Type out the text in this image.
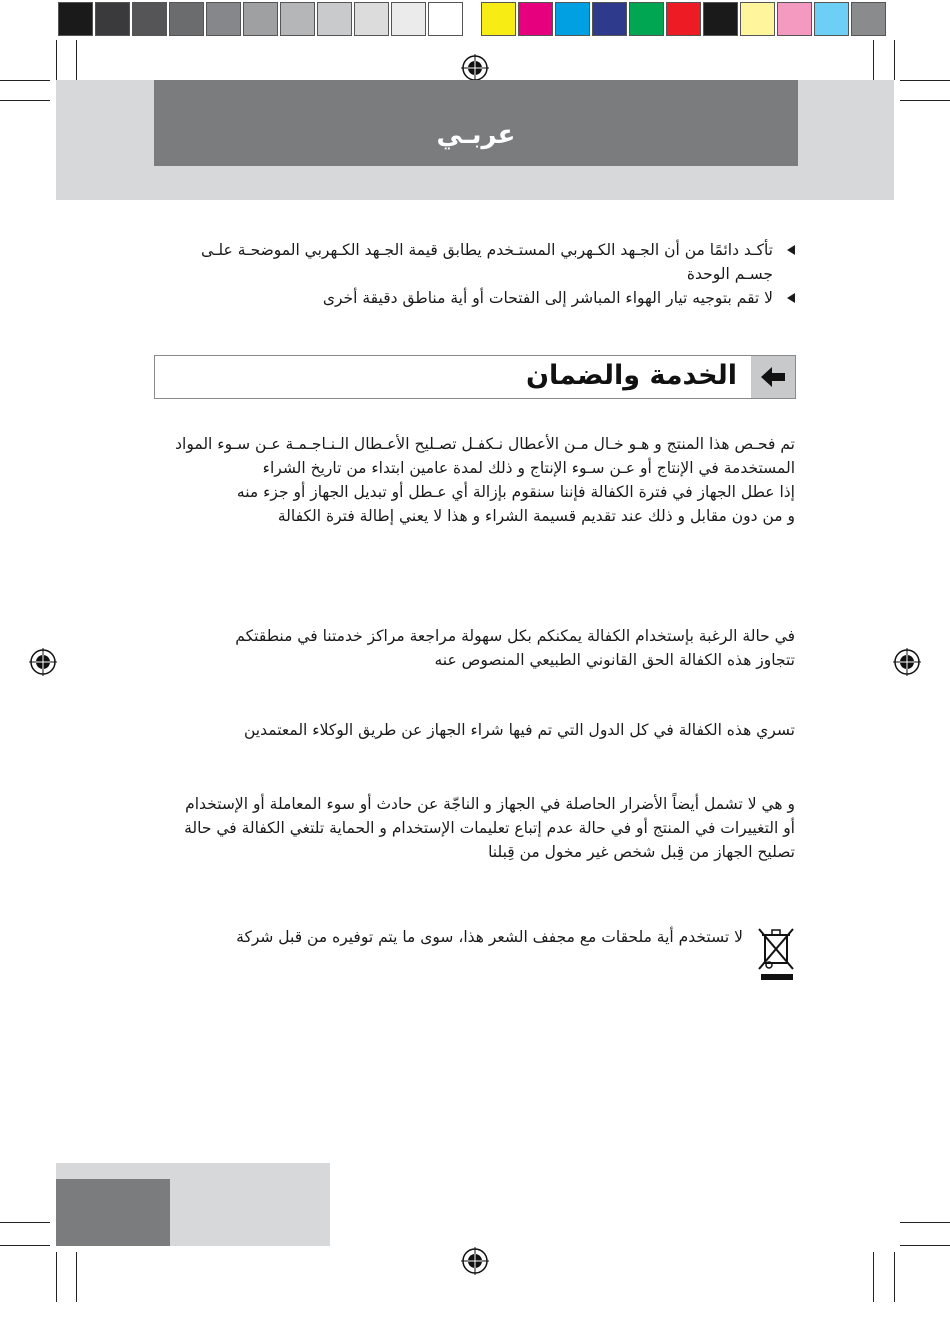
عربـي
تأكـد دائمًا من أن الجـهد الكـهربي المستـخدم يطابق قيمة الجـهد الكـهربي الموضحـة علـى جسـم الوحدة
لا تقم بتوجيه تيار الهواء المباشر إلى الفتحات أو أية مناطق دقيقة أخرى
الخدمة والضمان
تم فحـص هذا المنتج و هـو خـال مـن الأعطال نـكفـل تصـليح الأعـطال الـنـاجـمـة عـن سـوء المواد المستخدمة في الإنتاج أو عـن سـوء الإنتاج و ذلك لمدة عامين ابتداء من تاريخ الشراء
إذا عطل الجهاز في فترة الكفالة فإننا سنقوم بإزالة أي عـطل أو تبديل الجهاز أو جزء منه
و من دون مقابل و ذلك عند تقديم قسيمة الشراء و هذا لا يعني إطالة فترة الكفالة
في حالة الرغبة بإستخدام الكفالة يمكنكم بكل سهولة مراجعة مراكز خدمتنا في منطقتكم
تتجاوز هذه الكفالة الحق القانوني الطبيعي المنصوص عنه
تسري هذه الكفالة في كل الدول التي تم فيها شراء الجهاز عن طريق الوكلاء المعتمدين
و هي لا تشمل أيضاً الأضرار الحاصلة في الجهاز و الناجّة عن حادث أو سوء المعاملة أو الإستخدام أو التغييرات في المنتج أو في حالة عدم إتباع تعليمات الإستخدام و الحماية تلتغي الكفالة في حالة تصليح الجهاز من قِبل شخص غير مخول من قِبلنا
لا تستخدم أية ملحقات مع مجفف الشعر هذا، سوى ما يتم توفيره من قبل شركة
